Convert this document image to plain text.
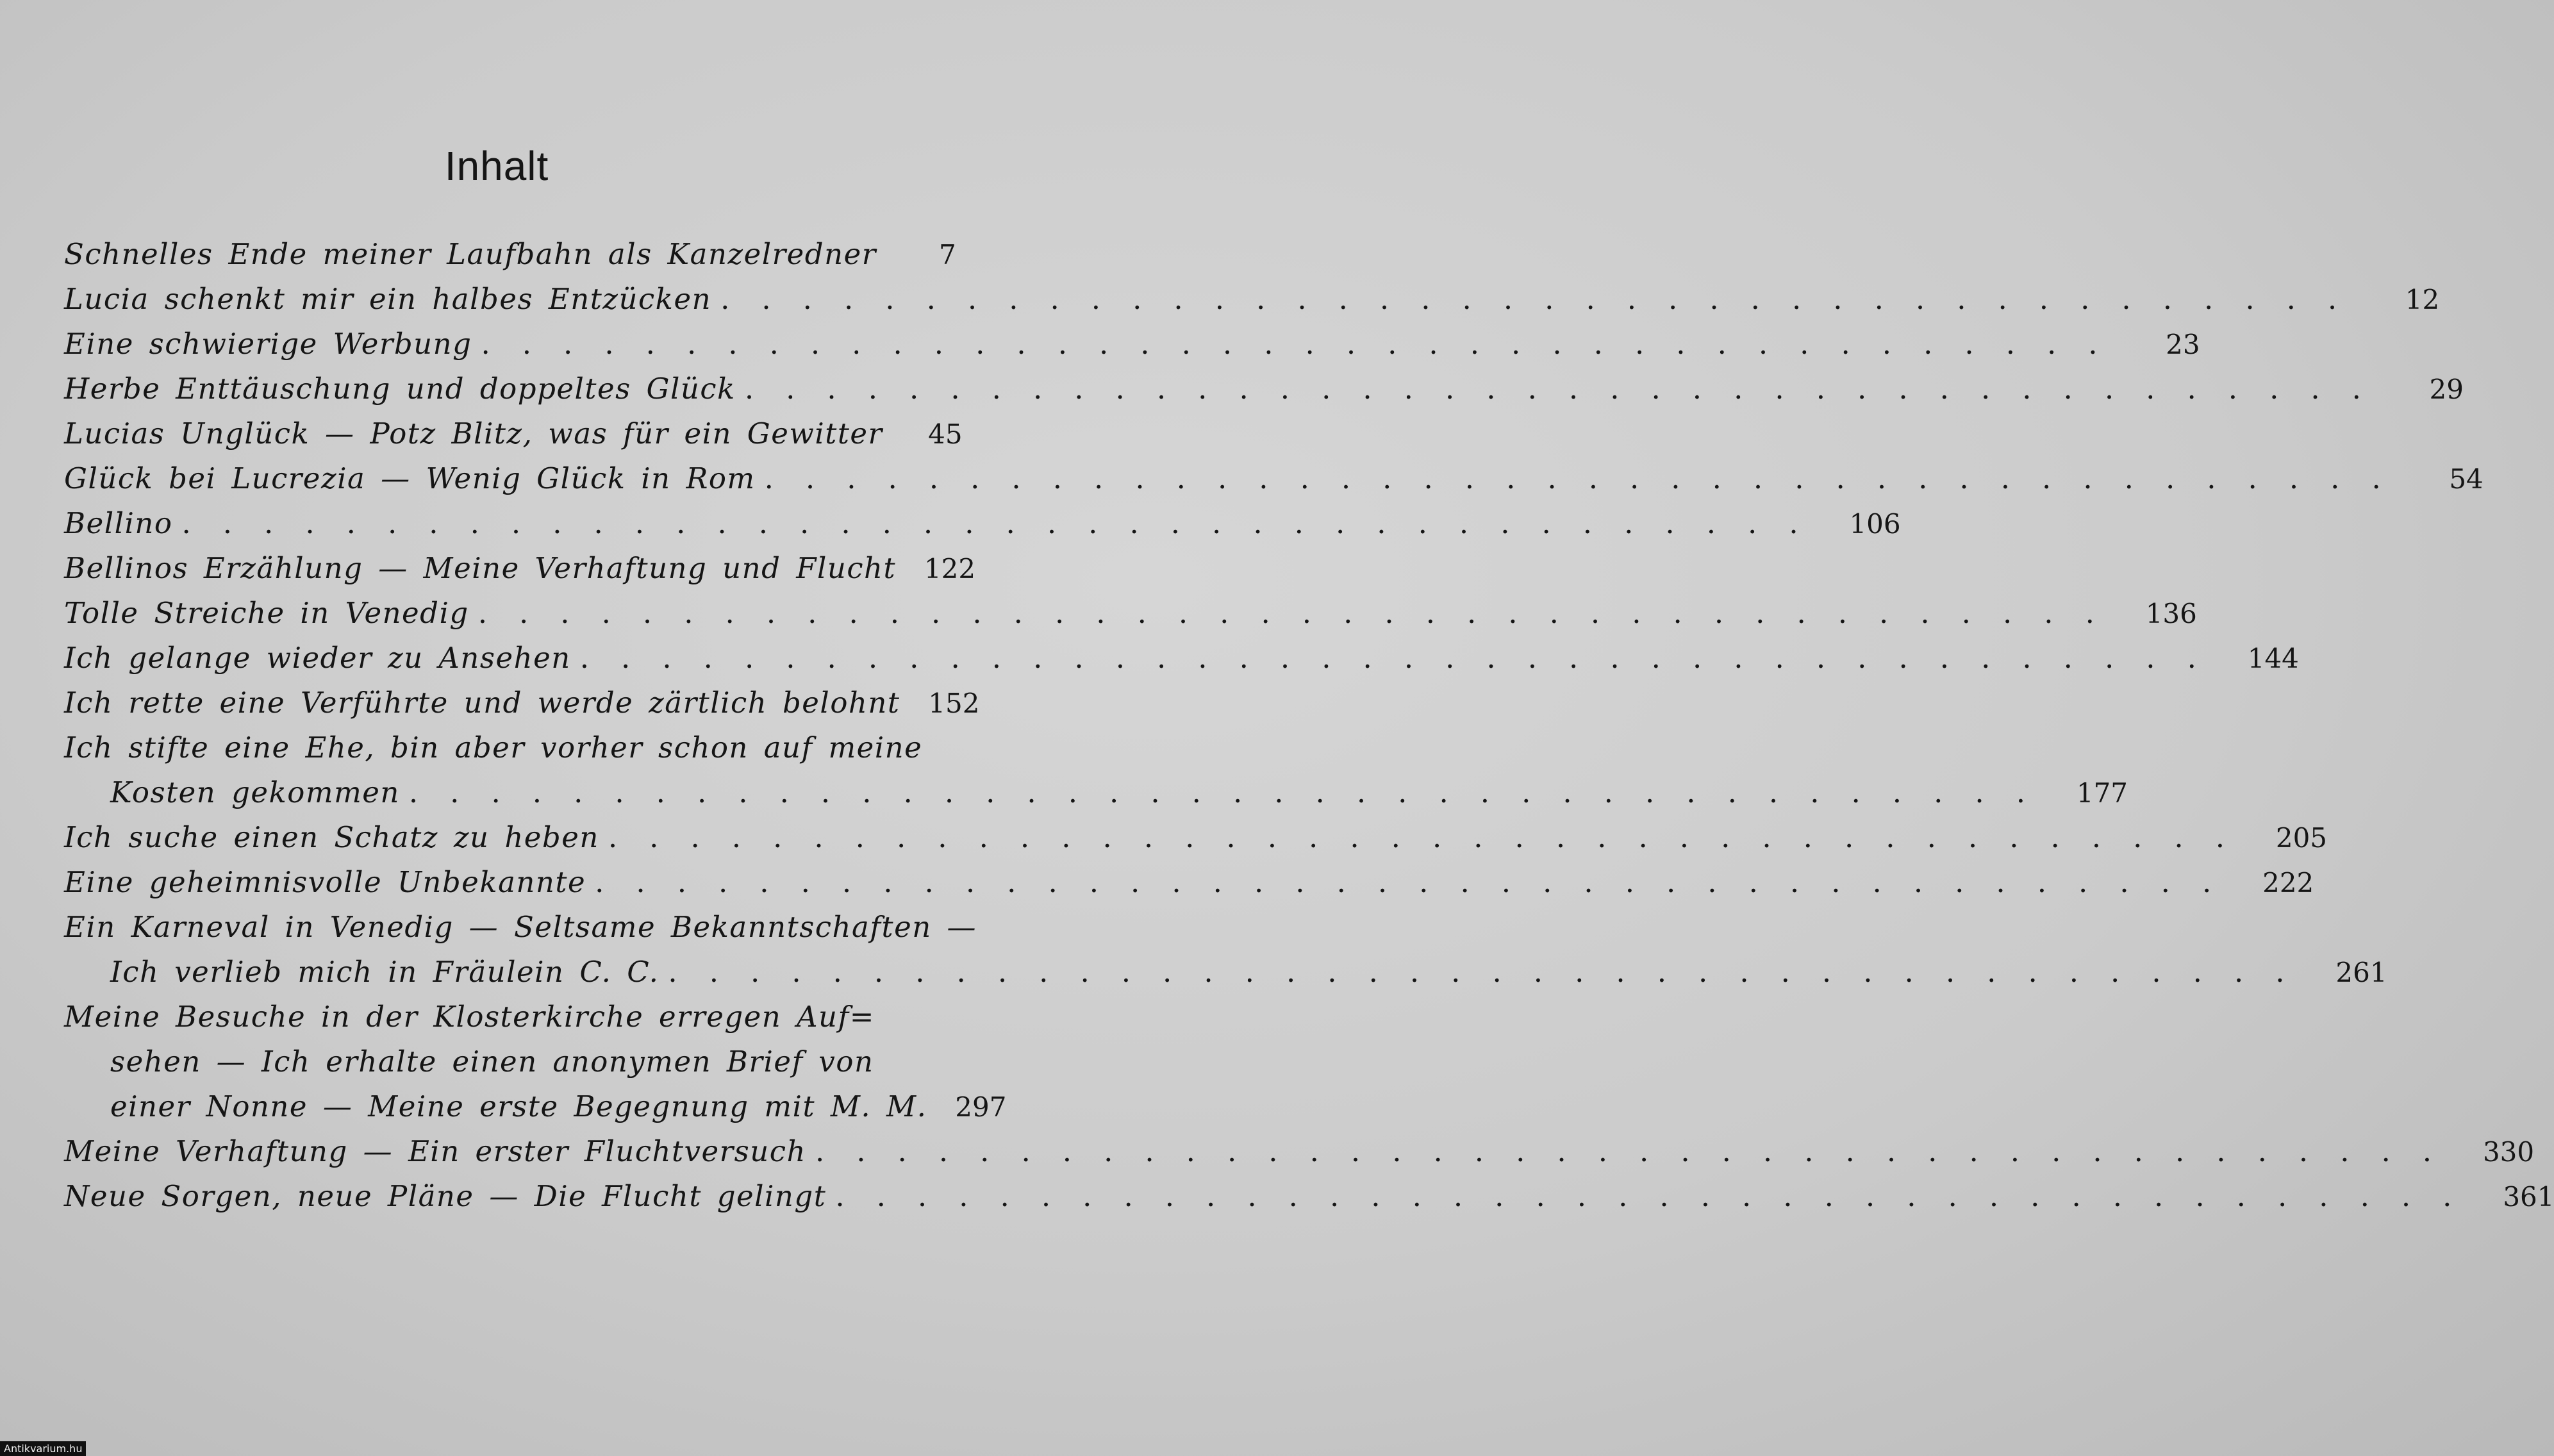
Inhalt
Schnelles Ende meiner Laufbahn als Kanzelredner	7
Lucia schenkt mir ein halbes Entzücken ........................................	12
Eine schwierige Werbung ........................................	23
Herbe Enttäuschung und doppeltes Glück ........................................	29
Lucias Unglück — Potz Blitz, was für ein Gewitter	45
Glück bei Lucrezia — Wenig Glück in Rom ........................................	54
Bellino ........................................ 106
Bellinos Erzählung — Meine Verhaftung und Flucht	122
Tolle Streiche in Venedig ........................................ 136
Ich gelange wieder zu Ansehen ........................................ 144
Ich rette eine Verführte und werde zärtlich belohnt	152
Ich stifte eine Ehe, bin aber vorher schon auf meine
Kosten gekommen ........................................ 177
Ich suche einen Schatz zu heben ........................................ 205
Eine geheimnisvolle Unbekannte ........................................ 222
Ein Karneval in Venedig — Seltsame Bekanntschaften —
Ich verlieb mich in Fräulein C. C. ........................................ 261
Meine Besuche in der Klosterkirche erregen Auf=
sehen — Ich erhalte einen anonymen Brief von
einer Nonne — Meine erste Begegnung mit M. M.	297
Meine Verhaftung — Ein erster Fluchtversuch ........................................ 330
Neue Sorgen, neue Pläne — Die Flucht gelingt ........................................ 361
Antikvarium.hu
